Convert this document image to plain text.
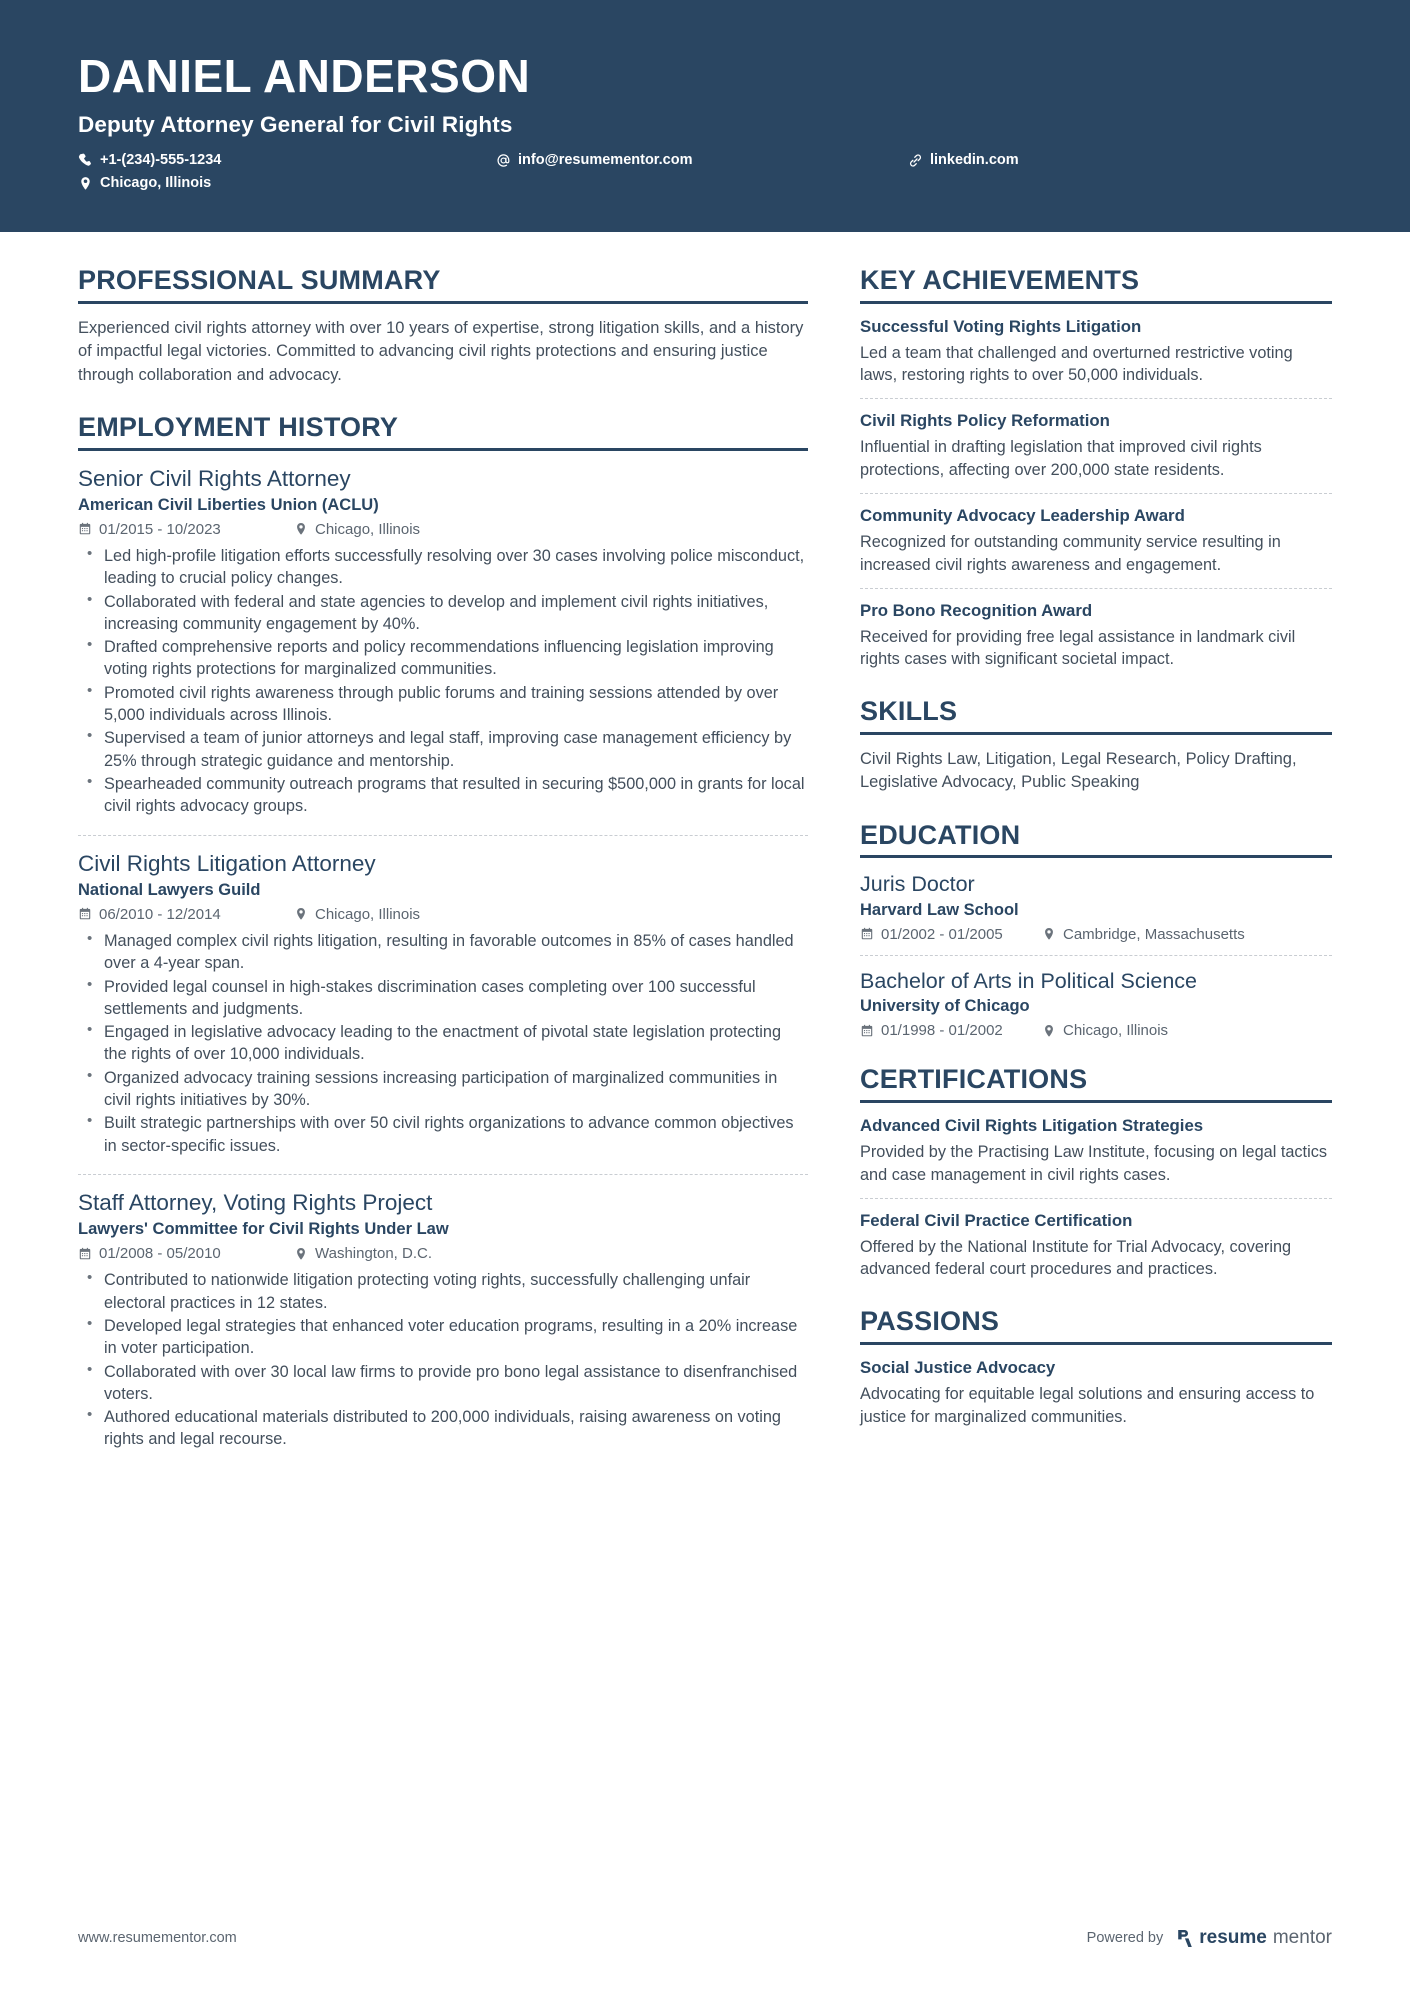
DANIEL ANDERSON
Deputy Attorney General for Civil Rights
+1-(234)-555-1234	info@resumementor.com	linkedin.com
Chicago, Illinois
PROFESSIONAL SUMMARY
Experienced civil rights attorney with over 10 years of expertise, strong litigation skills, and a history of impactful legal victories. Committed to advancing civil rights protections and ensuring justice through collaboration and advocacy.
EMPLOYMENT HISTORY
Senior Civil Rights Attorney
American Civil Liberties Union (ACLU)
01/2015 - 10/2023	Chicago, Illinois
• Led high-profile litigation efforts successfully resolving over 30 cases involving police misconduct, leading to crucial policy changes.
• Collaborated with federal and state agencies to develop and implement civil rights initiatives, increasing community engagement by 40%.
• Drafted comprehensive reports and policy recommendations influencing legislation improving voting rights protections for marginalized communities.
• Promoted civil rights awareness through public forums and training sessions attended by over 5,000 individuals across Illinois.
• Supervised a team of junior attorneys and legal staff, improving case management efficiency by 25% through strategic guidance and mentorship.
• Spearheaded community outreach programs that resulted in securing $500,000 in grants for local civil rights advocacy groups.
Civil Rights Litigation Attorney
National Lawyers Guild
06/2010 - 12/2014	Chicago, Illinois
• Managed complex civil rights litigation, resulting in favorable outcomes in 85% of cases handled over a 4-year span.
• Provided legal counsel in high-stakes discrimination cases completing over 100 successful settlements and judgments.
• Engaged in legislative advocacy leading to the enactment of pivotal state legislation protecting the rights of over 10,000 individuals.
• Organized advocacy training sessions increasing participation of marginalized communities in civil rights initiatives by 30%.
• Built strategic partnerships with over 50 civil rights organizations to advance common objectives in sector-specific issues.
Staff Attorney, Voting Rights Project
Lawyers' Committee for Civil Rights Under Law
01/2008 - 05/2010	Washington, D.C.
• Contributed to nationwide litigation protecting voting rights, successfully challenging unfair electoral practices in 12 states.
• Developed legal strategies that enhanced voter education programs, resulting in a 20% increase in voter participation.
• Collaborated with over 30 local law firms to provide pro bono legal assistance to disenfranchised voters.
• Authored educational materials distributed to 200,000 individuals, raising awareness on voting rights and legal recourse.
KEY ACHIEVEMENTS
Successful Voting Rights Litigation
Led a team that challenged and overturned restrictive voting laws, restoring rights to over 50,000 individuals.
Civil Rights Policy Reformation
Influential in drafting legislation that improved civil rights protections, affecting over 200,000 state residents.
Community Advocacy Leadership Award
Recognized for outstanding community service resulting in increased civil rights awareness and engagement.
Pro Bono Recognition Award
Received for providing free legal assistance in landmark civil rights cases with significant societal impact.
SKILLS
Civil Rights Law, Litigation, Legal Research, Policy Drafting, Legislative Advocacy, Public Speaking
EDUCATION
Juris Doctor
Harvard Law School
01/2002 - 01/2005	Cambridge, Massachusetts
Bachelor of Arts in Political Science
University of Chicago
01/1998 - 01/2002	Chicago, Illinois
CERTIFICATIONS
Advanced Civil Rights Litigation Strategies
Provided by the Practising Law Institute, focusing on legal tactics and case management in civil rights cases.
Federal Civil Practice Certification
Offered by the National Institute for Trial Advocacy, covering advanced federal court procedures and practices.
PASSIONS
Social Justice Advocacy
Advocating for equitable legal solutions and ensuring access to justice for marginalized communities.
www.resumementor.com	Powered by resume mentor
